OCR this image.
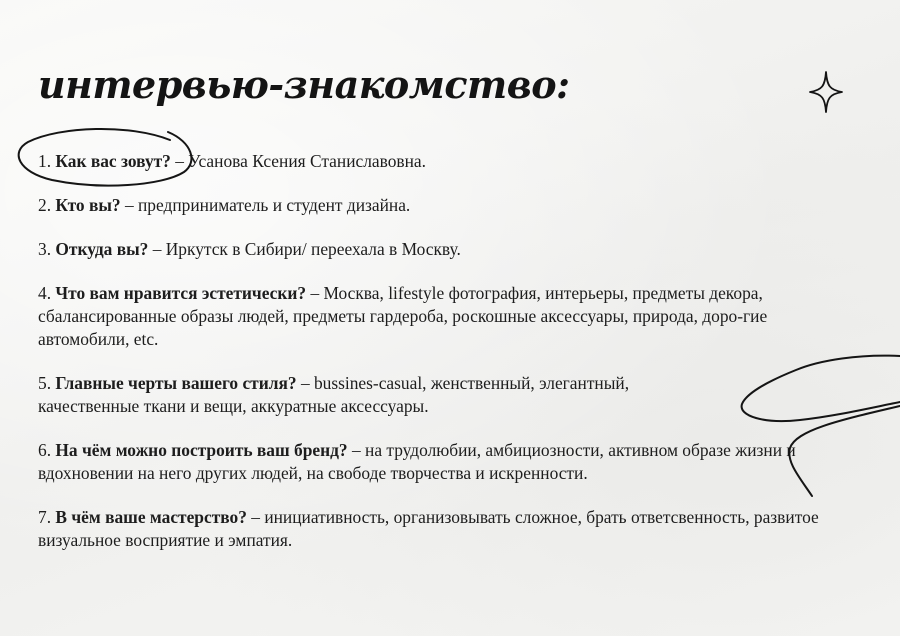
интервью-знакомство:
1. Как вас зовут? – Усанова Ксения Станиславовна.
2. Кто вы? – предприниматель и студент дизайна.
3. Откуда вы? – Иркутск в Сибири/ переехала в Москву.
4. Что вам нравится эстетически? – Москва, lifestyle фотография, интерьеры, предметы декора, сбалансированные образы людей, предметы гардероба, роскошные аксессуары, природа, доро-гие автомобили, etc.
5. Главные черты вашего стиля? – bussines-casual, женственный, элегантный, качественные ткани и вещи, аккуратные аксессуары.
6. На чём можно построить ваш бренд? – на трудолюбии, амбициозности, активном образе жизни и вдохновении на него других людей, на свободе творчества и искренности.
7. В чём ваше мастерство? – инициативность, организовывать сложное, брать ответсвенность, развитое визуальное восприятие и эмпатия.
